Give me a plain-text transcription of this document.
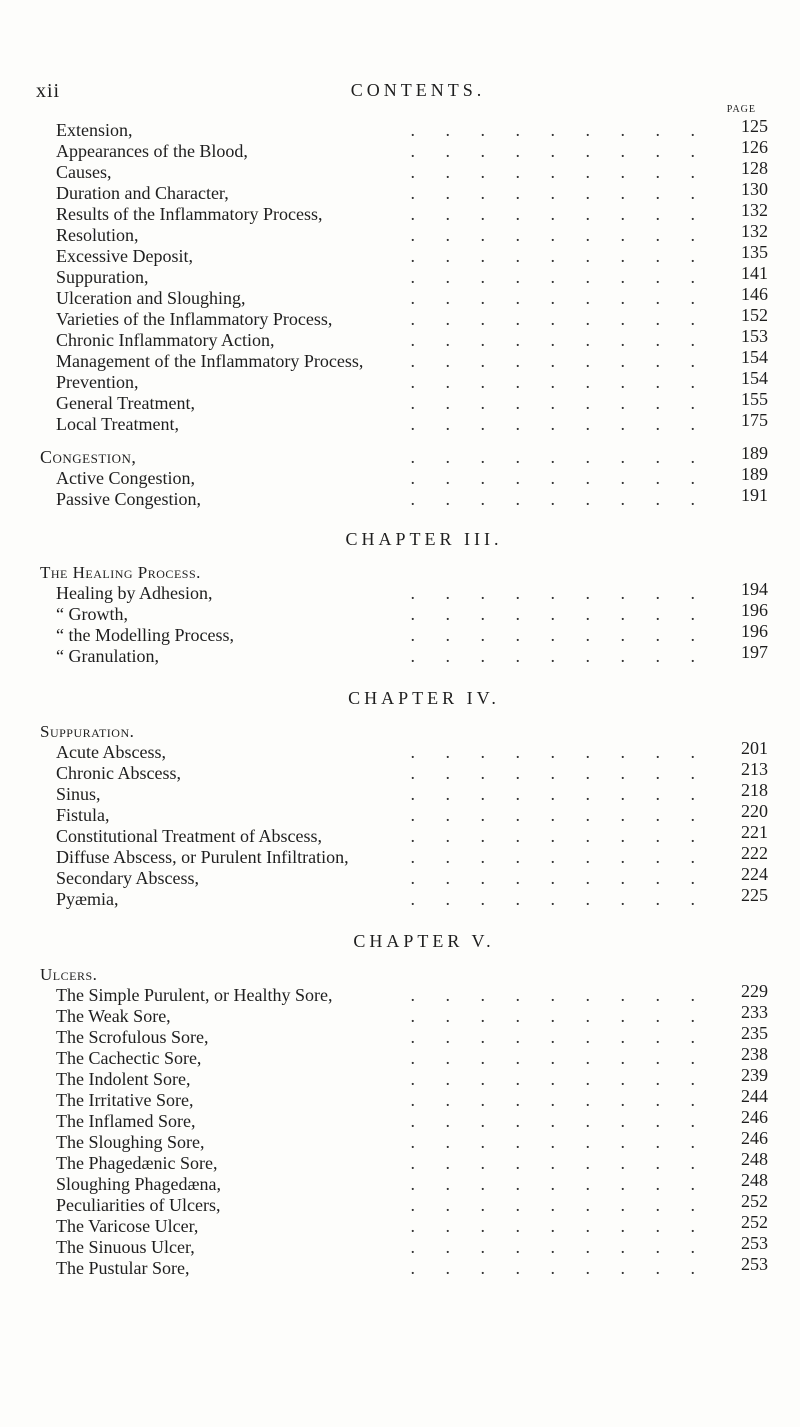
xii	CONTENTS.
PAGE
Extension,	. . . . . . . . .	125
Appearances of the Blood,	. . . . . . . . .	126
Causes,	. . . . . . . . .	128
Duration and Character,	. . . . . . . . .	130
Results of the Inflammatory Process,	. . . . . . . . .	132
Resolution,	. . . . . . . . .	132
Excessive Deposit,	. . . . . . . . .	135
Suppuration,	. . . . . . . . .	141
Ulceration and Sloughing,	. . . . . . . . .	146
Varieties of the Inflammatory Process,	. . . . . . . . .	152
Chronic Inflammatory Action,	. . . . . . . . .	153
Management of the Inflammatory Process,	. . . . . . . . .	154
Prevention,	. . . . . . . . .	154
General Treatment,	. . . . . . . . .	155
Local Treatment,	. . . . . . . . .	175
Congestion,	. . . . . . . . .	189
Active Congestion,	. . . . . . . . .	189
Passive Congestion,	. . . . . . . . .	191
CHAPTER III.
The Healing Process.
Healing by Adhesion,	. . . . . . . . .	194
“ Growth,	. . . . . . . . .	196
“ the Modelling Process,	. . . . . . . . .	196
“ Granulation,	. . . . . . . . .	197
CHAPTER IV.
Suppuration.
Acute Abscess,	. . . . . . . . .	201
Chronic Abscess,	. . . . . . . . .	213
Sinus,	. . . . . . . . .	218
Fistula,	. . . . . . . . .	220
Constitutional Treatment of Abscess,	. . . . . . . . .	221
Diffuse Abscess, or Purulent Infiltration,	. . . . . . . . .	222
Secondary Abscess,	. . . . . . . . .	224
Pyæmia,	. . . . . . . . .	225
CHAPTER V.
Ulcers.
The Simple Purulent, or Healthy Sore,	. . . . . . . . .	229
The Weak Sore,	. . . . . . . . .	233
The Scrofulous Sore,	. . . . . . . . .	235
The Cachectic Sore,	. . . . . . . . .	238
The Indolent Sore,	. . . . . . . . .	239
The Irritative Sore,	. . . . . . . . .	244
The Inflamed Sore,	. . . . . . . . .	246
The Sloughing Sore,	. . . . . . . . .	246
The Phagedænic Sore,	. . . . . . . . .	248
Sloughing Phagedæna,	. . . . . . . . .	248
Peculiarities of Ulcers,	. . . . . . . . .	252
The Varicose Ulcer,	. . . . . . . . .	252
The Sinuous Ulcer,	. . . . . . . . .	253
The Pustular Sore,	. . . . . . . . .	253
